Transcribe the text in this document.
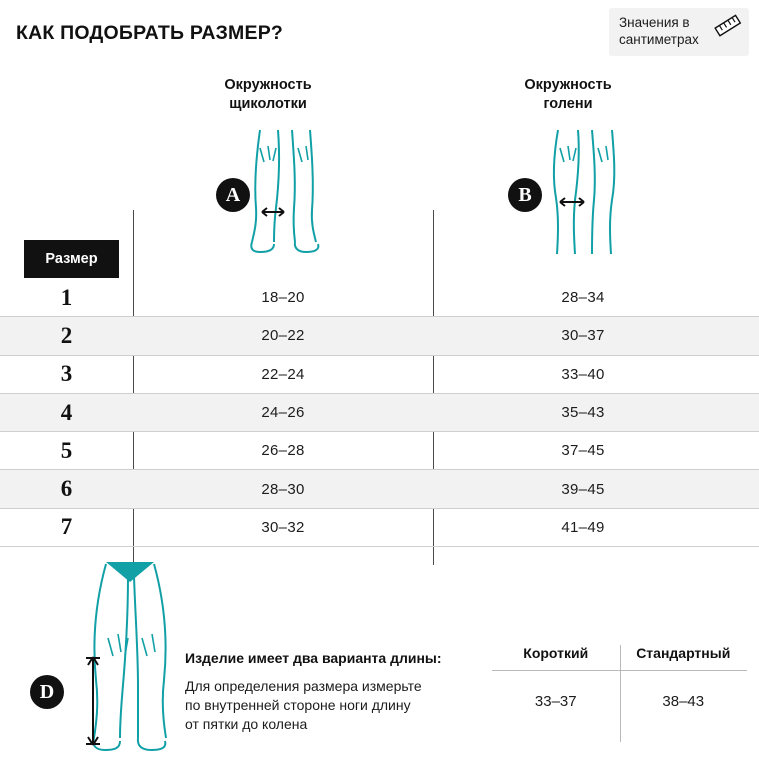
КАК ПОДОБРАТЬ РАЗМЕР?	Значения в
сантиметрах
Окружность
щиколотки
Окружность
голени
A	B
Размер
1	18–20	28–34
2	20–22	30–37
3	22–24	33–40
4	24–26	35–43
5	26–28	37–45
6	28–30	39–45
7	30–32	41–49
D
Изделие имеет два варианта длины:
Для определения размера измерьте
по внутренней стороне ноги длину
от пятки до колена
Короткий	Стандартный
33–37	38–43
